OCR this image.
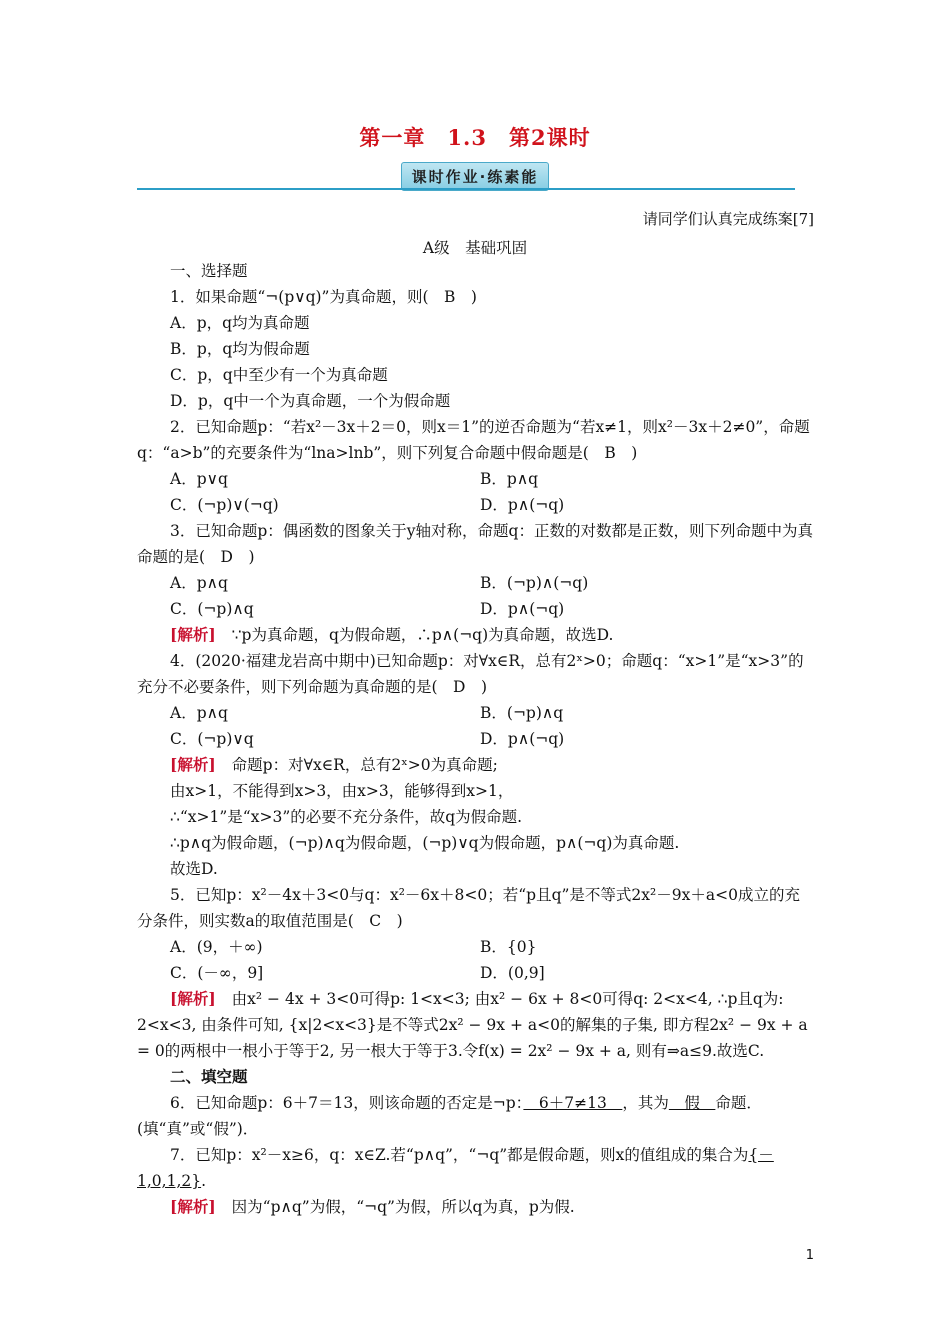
第一章　1.3　第2课时
课时作业·练素能
请同学们认真完成练案[7]
A级　基础巩固
一、选择题
1．如果命题“¬(p∨q)”为真命题，则(　B　)
A．p，q均为真命题
B．p，q均为假命题
C．p，q中至少有一个为真命题
D．p，q中一个为真命题，一个为假命题
2．已知命题p：“若x²－3x＋2＝0，则x＝1”的逆否命题为“若x≠1，则x²－3x＋2≠0”，命题q：“a>b”的充要条件为“lna>lnb”，则下列复合命题中假命题是(　B　)
A．p∨q	B．p∧q
C．(¬p)∨(¬q)	D．p∧(¬q)
3．已知命题p：偶函数的图象关于y轴对称，命题q：正数的对数都是正数，则下列命题中为真命题的是(　D　)
A．p∧q	B．(¬p)∧(¬q)
C．(¬p)∧q	D．p∧(¬q)
[解析] ∵p为真命题，q为假命题，∴p∧(¬q)为真命题，故选D.
4．(2020·福建龙岩高中期中)已知命题p：对∀x∈R，总有2ˣ>0；命题q：“x>1”是“x>3”的充分不必要条件，则下列命题为真命题的是(　D　)
A．p∧q	B．(¬p)∧q
C．(¬p)∨q	D．p∧(¬q)
[解析] 命题p：对∀x∈R，总有2ˣ>0为真命题;
由x>1，不能得到x>3，由x>3，能够得到x>1，
∴“x>1”是“x>3”的必要不充分条件，故q为假命题.
∴p∧q为假命题，(¬p)∧q为假命题，(¬p)∨q为假命题，p∧(¬q)为真命题.
故选D.
5．已知p：x²－4x＋3<0与q：x²－6x＋8<0；若“p且q”是不等式2x²－9x＋a<0成立的充分条件，则实数a的取值范围是(　C　)
A．(9，＋∞)	B．{0}
C．(－∞，9]	D．(0,9]
[解析] 由x² − 4x + 3<0可得p: 1<x<3; 由x² − 6x + 8<0可得q: 2<x<4, ∴p且q为: 2<x<3, 由条件可知, {x|2<x<3}是不等式2x² − 9x + a<0的解集的子集, 即方程2x² − 9x + a = 0的两根中一根小于等于2, 另一根大于等于3.令f(x) = 2x² − 9x + a, 则有⇒a≤9.故选C.
二、填空题
6．已知命题p：6＋7＝13，则该命题的否定是¬p：　6＋7≠13　，其为　假　命题．(填“真”或“假”)．
7．已知p：x²－x≥6，q：x∈Z.若“p∧q”，“¬q”都是假命题，则x的值组成的集合为{－1,0,1,2}.
[解析] 因为“p∧q”为假，“¬q”为假，所以q为真，p为假.
1
